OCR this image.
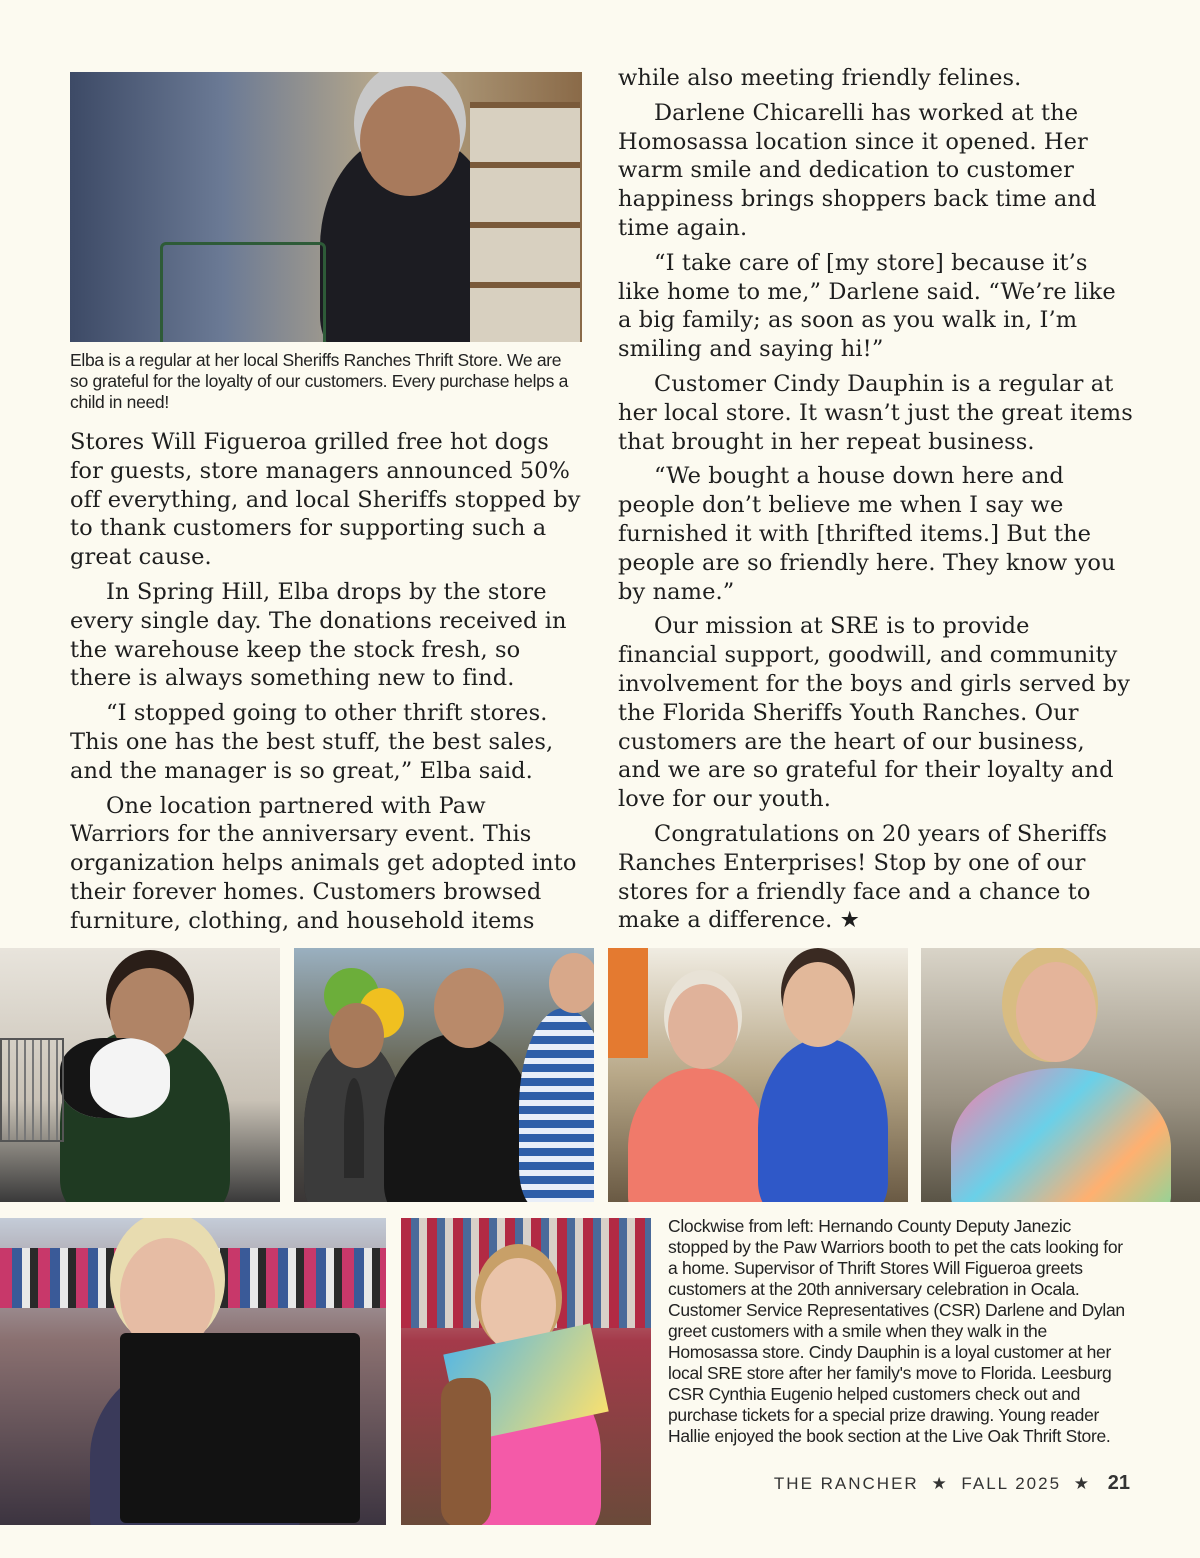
Elba is a regular at her local Sheriffs Ranches Thrift Store. We are so grateful for the loyalty of our customers. Every purchase helps a child in need!

Stores Will Figueroa grilled free hot dogs for guests, store managers announced 50% off everything, and local Sheriffs stopped by to thank customers for supporting such a great cause.

In Spring Hill, Elba drops by the store every single day. The donations received in the warehouse keep the stock fresh, so there is always something new to find.

“I stopped going to other thrift stores. This one has the best stuff, the best sales, and the manager is so great,” Elba said.

One location partnered with Paw Warriors for the anniversary event. This organization helps animals get adopted into their forever homes. Customers browsed furniture, clothing, and household items

while also meeting friendly felines.

Darlene Chicarelli has worked at the Homosassa location since it opened. Her warm smile and dedication to customer happiness brings shoppers back time and time again.

“I take care of [my store] because it’s like home to me,” Darlene said. “We’re like a big family; as soon as you walk in, I’m smiling and saying hi!”

Customer Cindy Dauphin is a regular at her local store. It wasn’t just the great items that brought in her repeat business.

“We bought a house down here and people don’t believe me when I say we furnished it with [thrifted items.] But the people are so friendly here. They know you by name.”

Our mission at SRE is to provide financial support, goodwill, and community involvement for the boys and girls served by the Florida Sheriffs Youth Ranches. Our customers are the heart of our business, and we are so grateful for their loyalty and love for our youth.

Congratulations on 20 years of Sheriffs Ranches Enterprises! Stop by one of our stores for a friendly face and a chance to make a difference. ★

Clockwise from left: Hernando County Deputy Janezic stopped by the Paw Warriors booth to pet the cats looking for a home. Supervisor of Thrift Stores Will Figueroa greets customers at the 20th anniversary celebration in Ocala. Customer Service Representatives (CSR) Darlene and Dylan greet customers with a smile when they walk in the Homosassa store. Cindy Dauphin is a loyal customer at her local SRE store after her family's move to Florida. Leesburg CSR Cynthia Eugenio helped customers check out and purchase tickets for a special prize drawing. Young reader Hallie enjoyed the book section at the Live Oak Thrift Store.

THE RANCHER ★ FALL 2025 ★ 21
